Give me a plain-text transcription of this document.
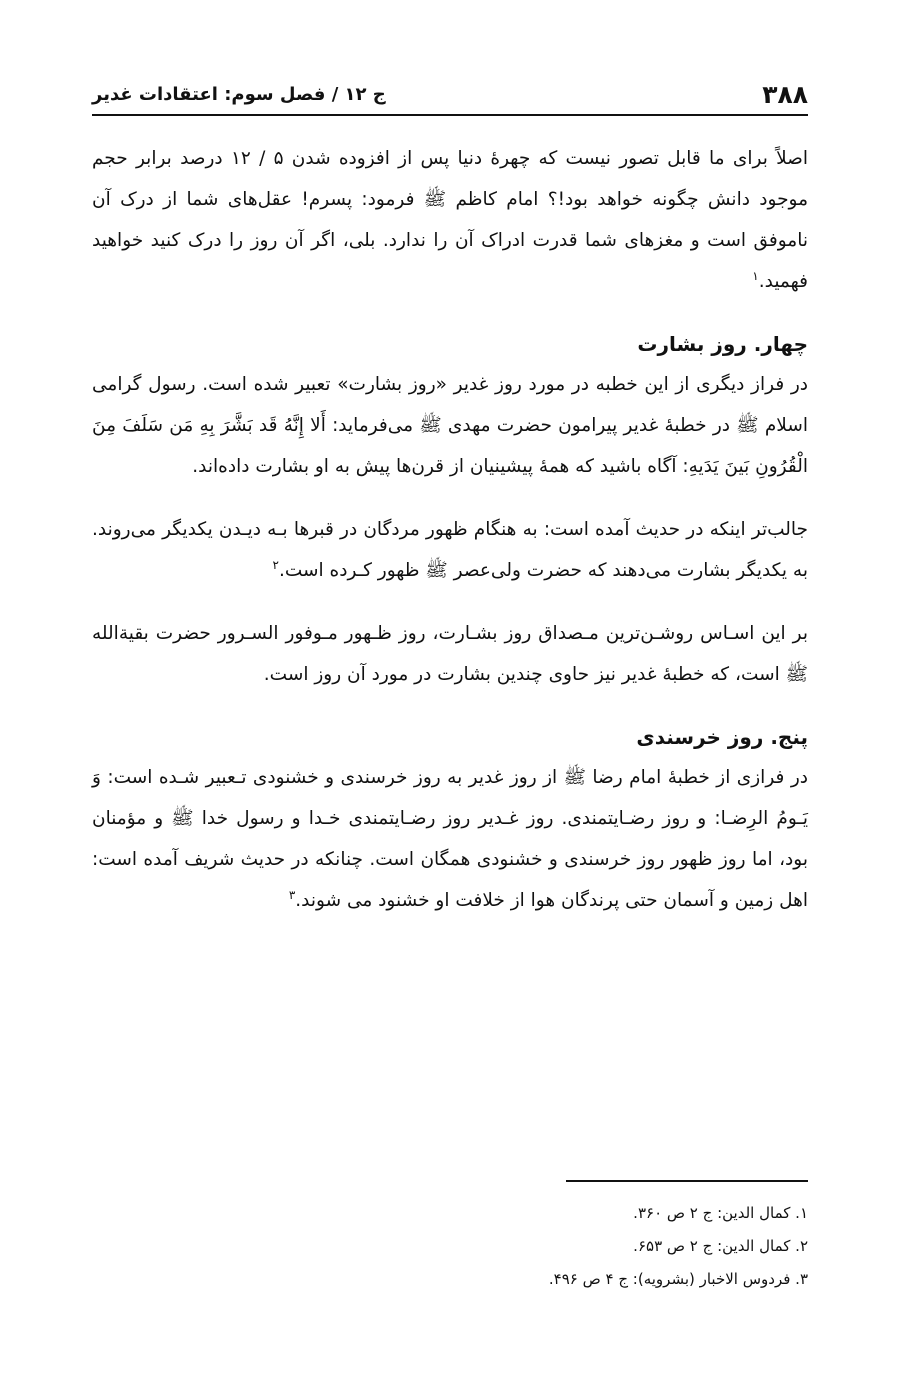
۳۸۸
ج ۱۲ / فصل سوم: اعتقادات غدیر

اصلاً برای ما قابل تصور نیست که چهرهٔ دنیا پس از افزوده شدن ۵ / ۱۲ درصد برابر حجم موجود دانش چگونه خواهد بود!؟ امام کاظم ﷺ فرمود: پسرم! عقل‌های شما از درک آن ناموفق است و مغزهای شما قدرت ادراک آن را ندارد. بلی، اگر آن روز را درک کنید خواهید فهمید.$^۱$

چهار. روز بشارت

در فراز دیگری از این خطبه در مورد روز غدیر «روز بشارت» تعبیر شده است. رسول گرامی اسلام ﷺ در خطبهٔ غدیر پیرامون حضرت مهدی ﷺ می‌فرماید: أَلا إِنَّهُ قَد بَشَّرَ بِهِ مَن سَلَفَ مِنَ الْقُرُونِ بَینَ یَدَیهِ: آگاه باشید که همهٔ پیشینیان از قرن‌ها پیش به او بشارت داده‌اند.

جالب‌تر اینکه در حدیث آمده است: به هنگام ظهور مردگان در قبرها بـه دیـدن یکدیگر می‌روند. به یکدیگر بشارت می‌دهند که حضرت ولی‌عصر ﷺ ظهور کـرده است.$^۲$

بر این اسـاس روشـن‌ترین مـصداق روز بشـارت، روز ظـهور مـوفور السـرور حضرت بقیةالله ﷺ است، که خطبهٔ غدیر نیز حاوی چندین بشارت در مورد آن روز است.

پنج. روز خرسندی

در فرازی از خطبهٔ امام رضا ﷺ از روز غدیر به روز خرسندی و خشنودی تـعبیر شـده است: وَ یَـومُ الرِضـا: و روز رضـایتمندی. روز غـدیر روز رضـایتمندی خـدا و رسول خدا ﷺ و مؤمنان بود، اما روز ظهور روز خرسندی و خشنودی همگان است. چنانکه در حدیث شریف آمده است: اهل زمین و آسمان حتی پرندگان هوا از خلافت او خشنود می شوند.$^۳$

۱. کمال الدین: ج ۲ ص ۳۶۰.
۲. کمال الدین: ج ۲ ص ۶۵۳.
۳. فردوس الاخبار (بشرویه): ج ۴ ص ۴۹۶.
